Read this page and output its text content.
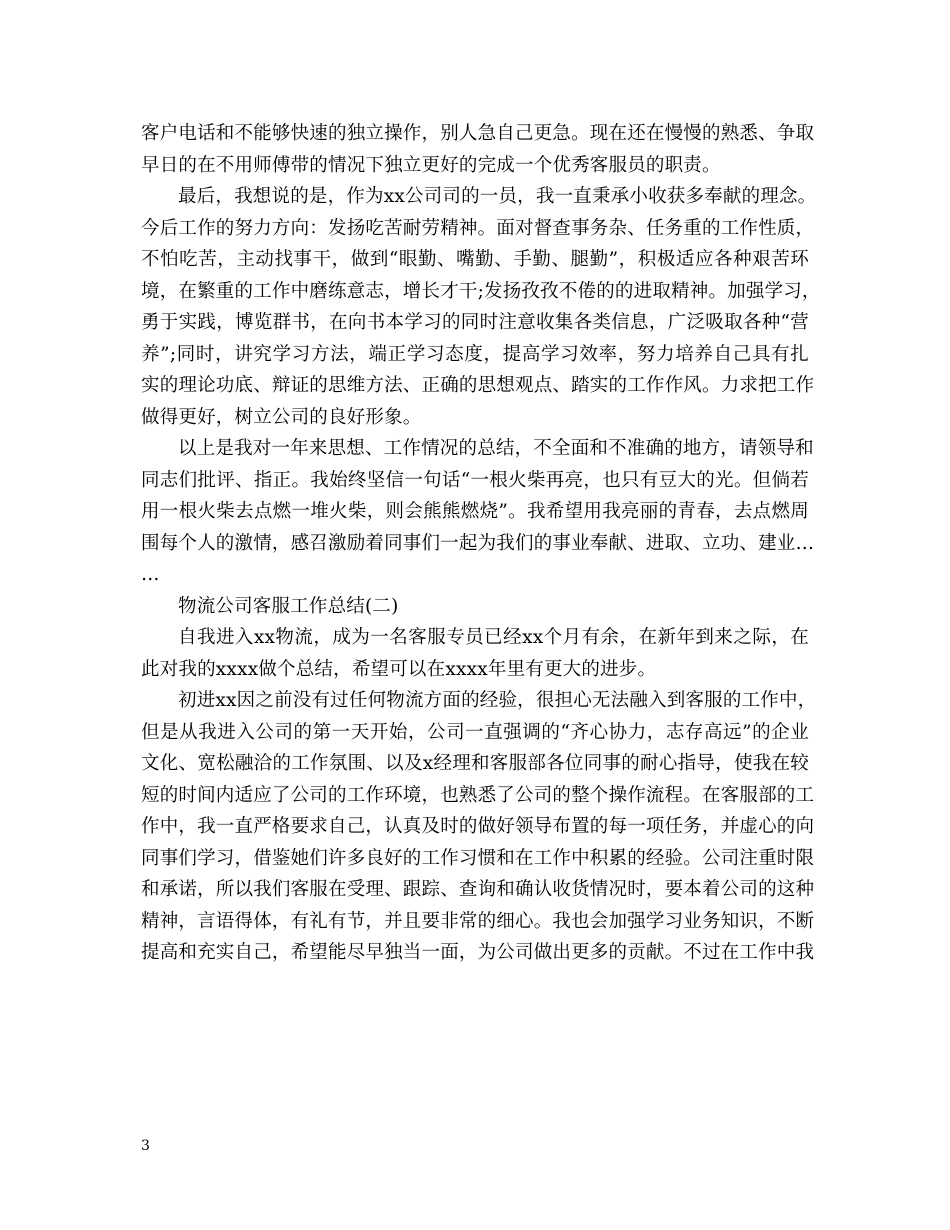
客户电话和不能够快速的独立操作，别人急自己更急。现在还在慢慢的熟悉、争取
早日的在不用师傅带的情况下独立更好的完成一个优秀客服员的职责。
最后，我想说的是，作为xx公司司的一员，我一直秉承小收获多奉献的理念。
今后工作的努力方向：发扬吃苦耐劳精神。面对督查事务杂、任务重的工作性质，
不怕吃苦，主动找事干，做到“眼勤、嘴勤、手勤、腿勤”，积极适应各种艰苦环
境，在繁重的工作中磨练意志，增长才干;发扬孜孜不倦的的进取精神。加强学习，
勇于实践，博览群书，在向书本学习的同时注意收集各类信息，广泛吸取各种“营
养”;同时，讲究学习方法，端正学习态度，提高学习效率，努力培养自己具有扎
实的理论功底、辩证的思维方法、正确的思想观点、踏实的工作作风。力求把工作
做得更好，树立公司的良好形象。
以上是我对一年来思想、工作情况的总结，不全面和不准确的地方，请领导和
同志们批评、指正。我始终坚信一句话“一根火柴再亮，也只有豆大的光。但倘若
用一根火柴去点燃一堆火柴，则会熊熊燃烧”。我希望用我亮丽的青春，去点燃周
围每个人的激情，感召激励着同事们一起为我们的事业奉献、进取、立功、建业…
…
物流公司客服工作总结(二)
自我进入xx物流，成为一名客服专员已经xx个月有余，在新年到来之际，在
此对我的xxxx做个总结，希望可以在xxxx年里有更大的进步。
初进xx因之前没有过任何物流方面的经验，很担心无法融入到客服的工作中，
但是从我进入公司的第一天开始，公司一直强调的“齐心协力，志存高远”的企业
文化、宽松融洽的工作氛围、以及x经理和客服部各位同事的耐心指导，使我在较
短的时间内适应了公司的工作环境，也熟悉了公司的整个操作流程。在客服部的工
作中，我一直严格要求自己，认真及时的做好领导布置的每一项任务，并虚心的向
同事们学习，借鉴她们许多良好的工作习惯和在工作中积累的经验。公司注重时限
和承诺，所以我们客服在受理、跟踪、查询和确认收货情况时，要本着公司的这种
精神，言语得体，有礼有节，并且要非常的细心。我也会加强学习业务知识，不断
提高和充实自己，希望能尽早独当一面，为公司做出更多的贡献。不过在工作中我
3
